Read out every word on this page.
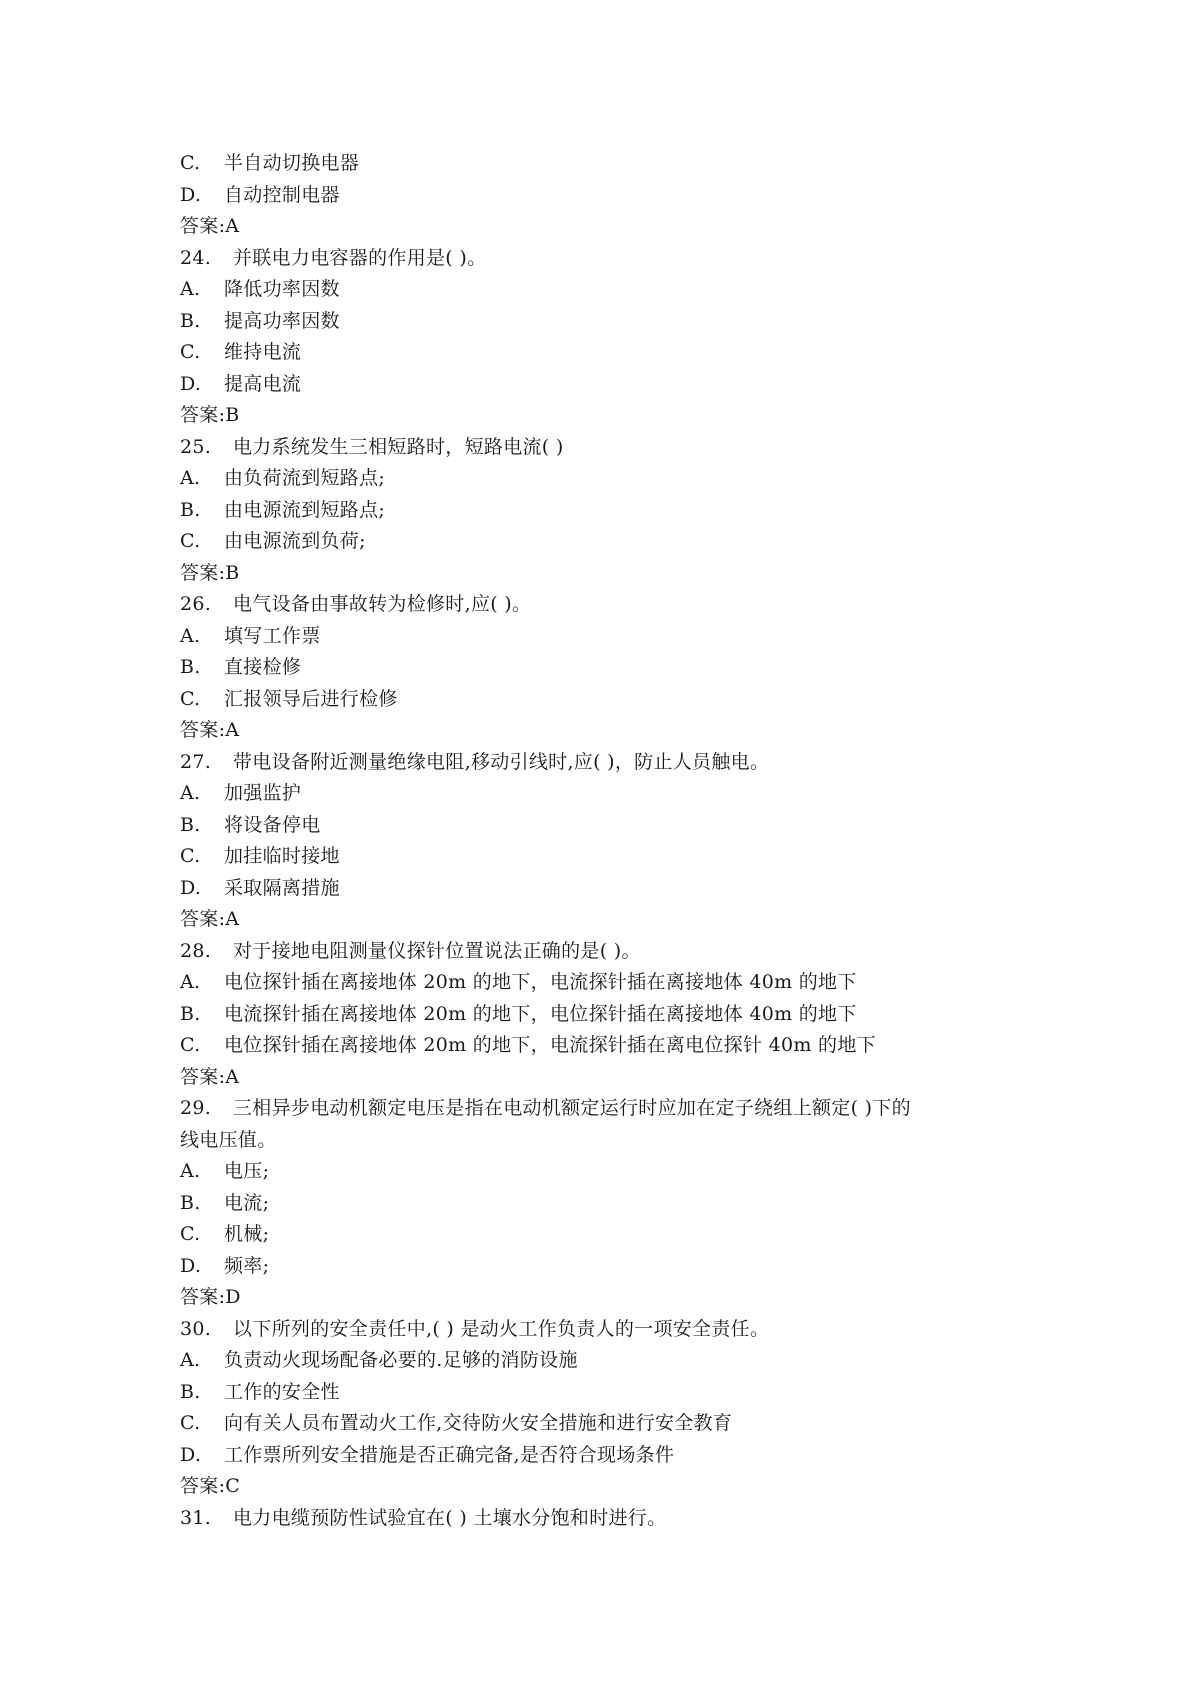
C. 半自动切换电器
D. 自动控制电器
答案:A
24. 并联电力电容器的作用是( )。
A. 降低功率因数
B. 提高功率因数
C. 维持电流
D. 提高电流
答案:B
25. 电力系统发生三相短路时，短路电流( )
A. 由负荷流到短路点;
B. 由电源流到短路点;
C. 由电源流到负荷;
答案:B
26. 电气设备由事故转为检修时,应( )。
A. 填写工作票
B. 直接检修
C. 汇报领导后进行检修
答案:A
27. 带电设备附近测量绝缘电阻,移动引线时,应( )，防止人员触电。
A. 加强监护
B. 将设备停电
C. 加挂临时接地
D. 采取隔离措施
答案:A
28. 对于接地电阻测量仪探针位置说法正确的是( )。
A. 电位探针插在离接地体 20m 的地下，电流探针插在离接地体 40m 的地下
B. 电流探针插在离接地体 20m 的地下，电位探针插在离接地体 40m 的地下
C. 电位探针插在离接地体 20m 的地下，电流探针插在离电位探针 40m 的地下
答案:A
29. 三相异步电动机额定电压是指在电动机额定运行时应加在定子绕组上额定( )下的
线电压值。
A. 电压;
B. 电流;
C. 机械;
D. 频率;
答案:D
30. 以下所列的安全责任中,( ) 是动火工作负责人的一项安全责任。
A. 负责动火现场配备必要的.足够的消防设施
B. 工作的安全性
C. 向有关人员布置动火工作,交待防火安全措施和进行安全教育
D. 工作票所列安全措施是否正确完备,是否符合现场条件
答案:C
31. 电力电缆预防性试验宜在( ) 土壤水分饱和时进行。
